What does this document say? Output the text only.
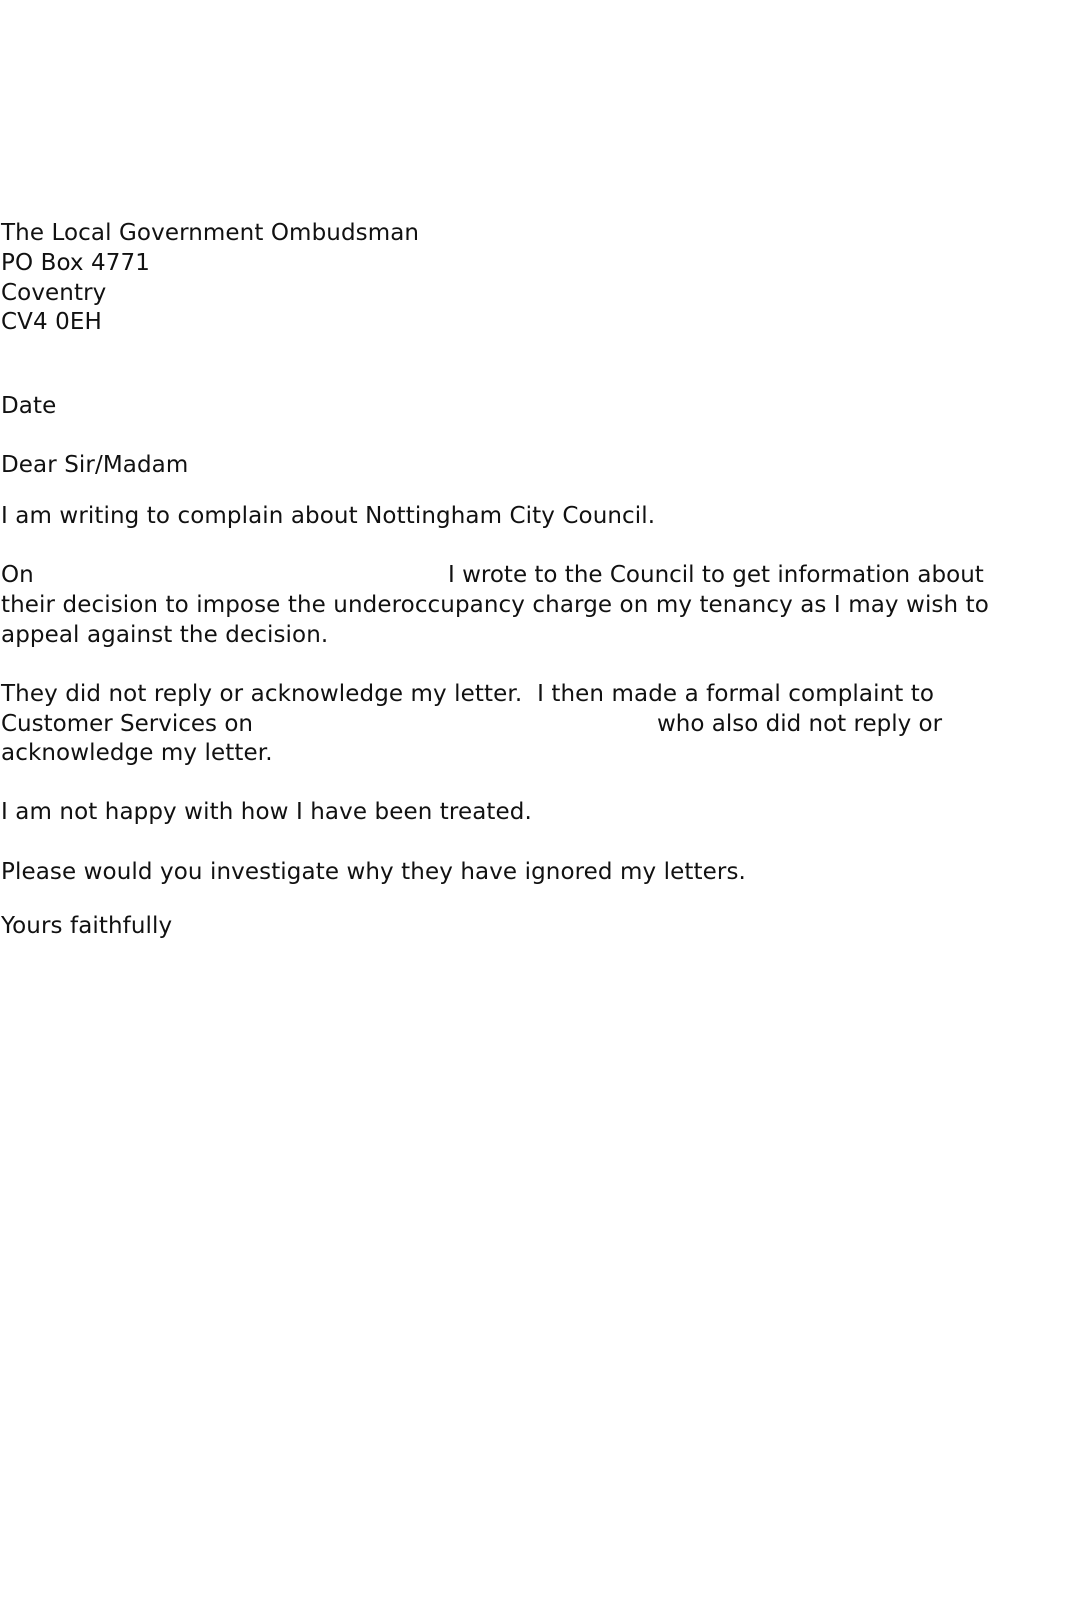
The Local Government Ombudsman
PO Box 4771
Coventry
CV4 0EH
Date
Dear Sir/Madam
I am writing to complain about Nottingham City Council.
On	I wrote to the Council to get information about
their decision to impose the underoccupancy charge on my tenancy as I may wish to
appeal against the decision.
They did not reply or acknowledge my letter.  I then made a formal complaint to
Customer Services on	who also did not reply or
acknowledge my letter.
I am not happy with how I have been treated.
Please would you investigate why they have ignored my letters.
Yours faithfully
